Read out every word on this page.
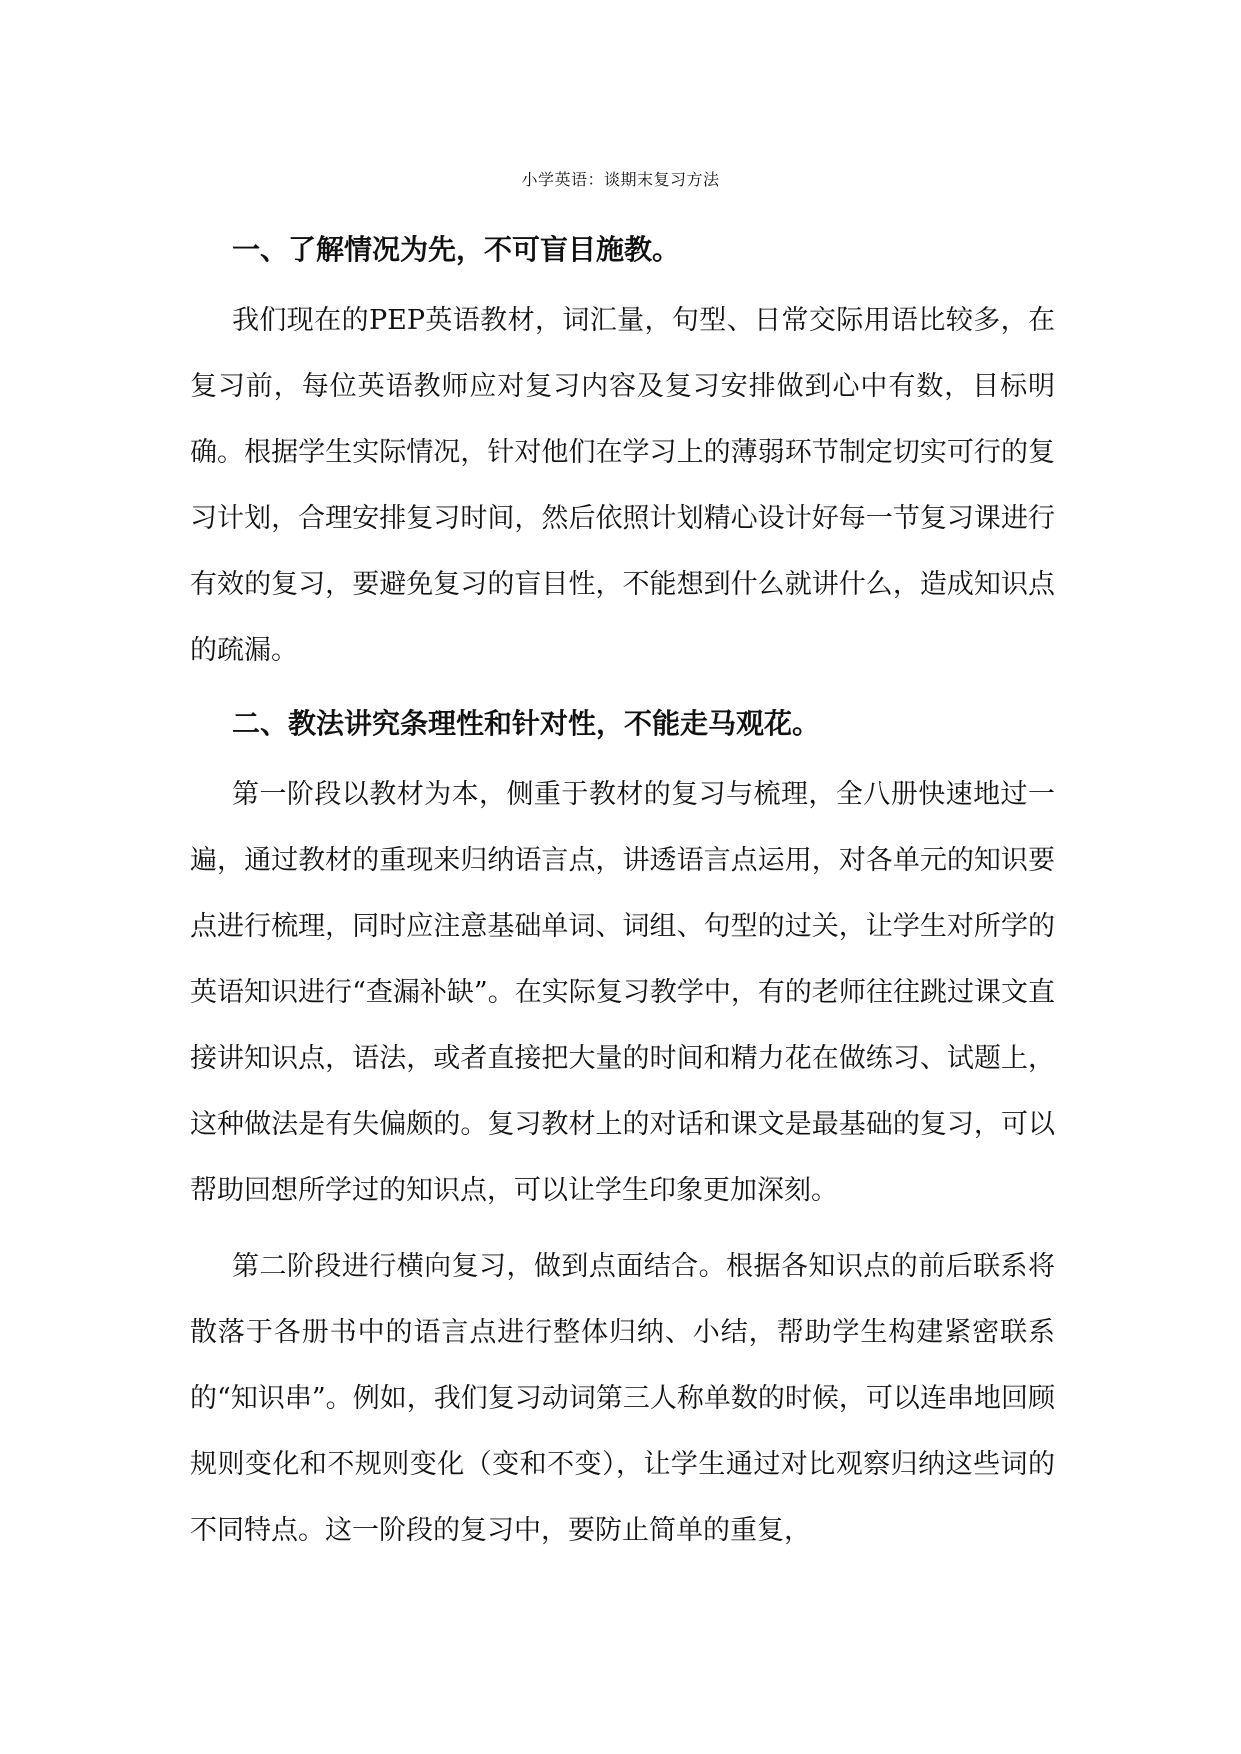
小学英语：谈期末复习方法
一、了解情况为先，不可盲目施教。

我们现在的PEP英语教材，词汇量，句型、日常交际用语比较多，在复习前，每位英语教师应对复习内容及复习安排做到心中有数，目标明确。根据学生实际情况，针对他们在学习上的薄弱环节制定切实可行的复习计划，合理安排复习时间，然后依照计划精心设计好每一节复习课进行有效的复习，要避免复习的盲目性，不能想到什么就讲什么，造成知识点的疏漏。

二、教法讲究条理性和针对性，不能走马观花。

第一阶段以教材为本，侧重于教材的复习与梳理，全八册快速地过一遍，通过教材的重现来归纳语言点，讲透语言点运用，对各单元的知识要点进行梳理，同时应注意基础单词、词组、句型的过关，让学生对所学的英语知识进行“查漏补缺”。在实际复习教学中，有的老师往往跳过课文直接讲知识点，语法，或者直接把大量的时间和精力花在做练习、试题上，这种做法是有失偏颇的。复习教材上的对话和课文是最基础的复习，可以帮助回想所学过的知识点，可以让学生印象更加深刻。

第二阶段进行横向复习，做到点面结合。根据各知识点的前后联系将散落于各册书中的语言点进行整体归纳、小结，帮助学生构建紧密联系的“知识串”。例如，我们复习动词第三人称单数的时候，可以连串地回顾规则变化和不规则变化（变和不变），让学生通过对比观察归纳这些词的不同特点。这一阶段的复习中，要防止简单的重复，
